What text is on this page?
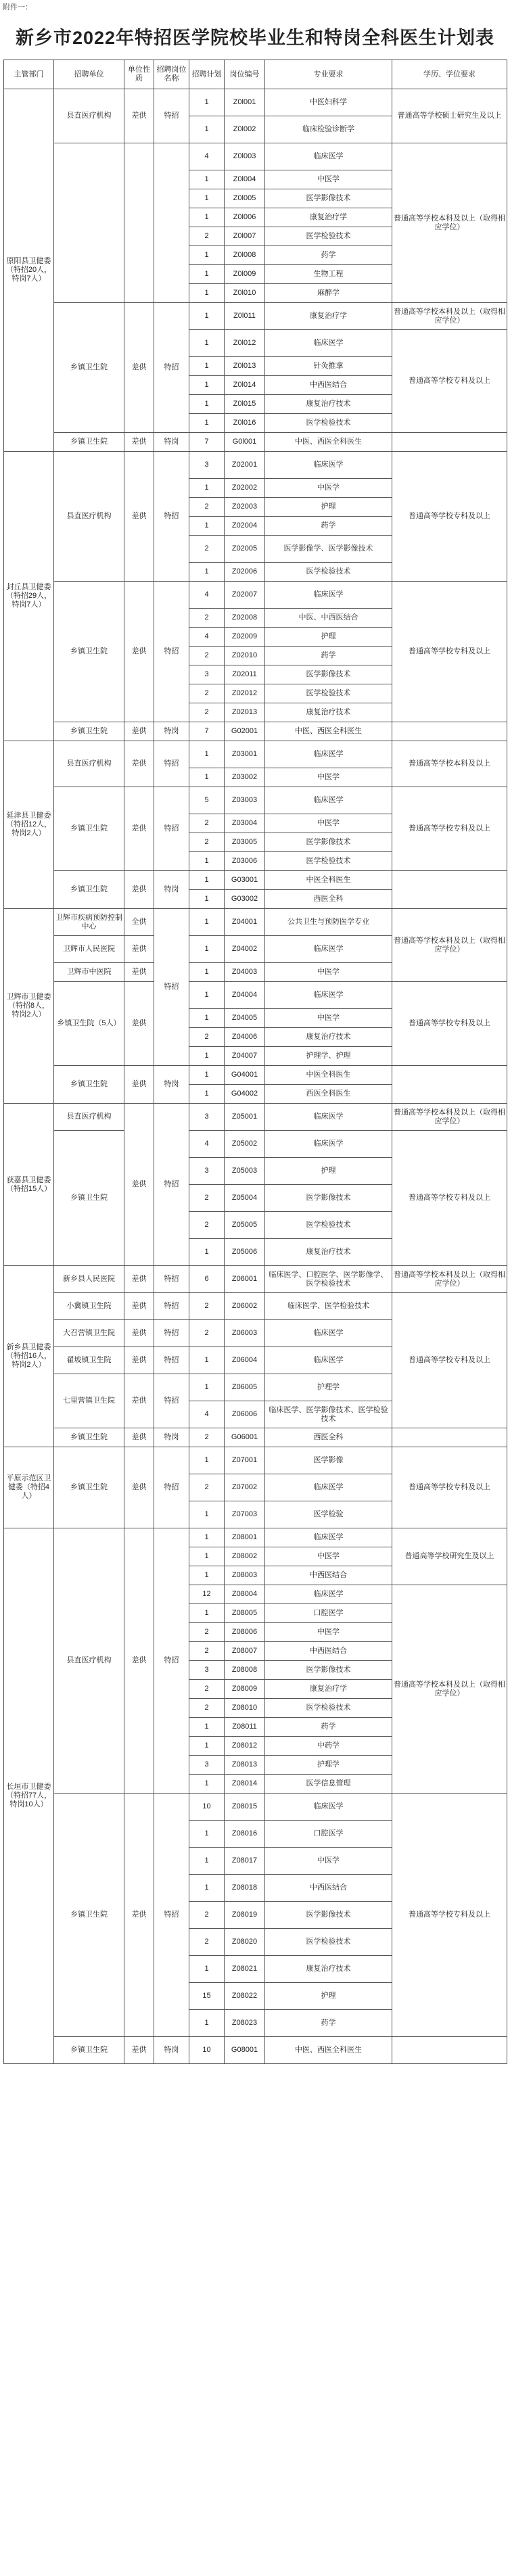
附件一：
新乡市2022年特招医学院校毕业生和特岗全科医生计划表
主管部门	招聘单位	单位性质	招聘岗位名称	招聘计划	岗位编号	专业要求	学历、学位要求
原阳县卫健委（特招20人，特岗7人）	县直医疗机构	差供	特招	1	Z0l001	中医妇科学	普通高等学校硕士研究生及以上
				1	Z0l002	临床检验诊断学	
				4	Z0l003	临床医学	普通高等学校本科及以上（取得相应学位）
				1	Z0l004	中医学	
				1	Z0l005	医学影像技术	
				1	Z0l006	康复治疗学	
				2	Z0l007	医学检验技术	
				1	Z0l008	药学	
				1	Z0l009	生物工程	
				1	Z0l010	麻醉学	
	乡镇卫生院	差供	特招	1	Z0l011	康复治疗学	普通高等学校本科及以上（取得相应学位）
				1	Z0l012	临床医学	普通高等学校专科及以上
				1	Z0l013	针灸推拿	
				1	Z0l014	中西医结合	
				1	Z0l015	康复治疗技术	
				1	Z0l016	医学检验技术	
	乡镇卫生院	差供	特岗	7	G0l001	中医、西医全科医生	
封丘县卫健委（特招29人，特岗7人）	县直医疗机构	差供	特招	3	Z02001	临床医学	普通高等学校专科及以上
				1	Z02002	中医学	
				2	Z02003	护理	
				1	Z02004	药学	
				2	Z02005	医学影像学、医学影像技术	
				1	Z02006	医学检验技术	
	乡镇卫生院	差供	特招	4	Z02007	临床医学	普通高等学校专科及以上
				2	Z02008	中医、中西医结合	
				4	Z02009	护理	
				2	Z02010	药学	
				3	Z02011	医学影像技术	
				2	Z02012	医学检验技术	
				2	Z02013	康复治疗技术	
	乡镇卫生院	差供	特岗	7	G02001	中医、西医全科医生	
延津县卫健委（特招12人，特岗2人）	县直医疗机构	差供	特招	1	Z03001	临床医学	普通高等学校本科及以上
				1	Z03002	中医学	
	乡镇卫生院	差供	特招	5	Z03003	临床医学	普通高等学校专科及以上
				2	Z03004	中医学	
				2	Z03005	医学影像技术	
				1	Z03006	医学检验技术	
	乡镇卫生院	差供	特岗	1	G03001	中医全科医生	
				1	G03002	西医全科	
卫辉市卫健委（特招8人，特岗2人）	卫辉市疾病预防控制中心	全供	特招	1	Z04001	公共卫生与预防医学专业	普通高等学校本科及以上（取得相应学位）
	卫辉市人民医院	差供		1	Z04002	临床医学	
	卫辉市中医院	差供		1	Z04003	中医学	
	乡镇卫生院（5人）	差供		1	Z04004	临床医学	普通高等学校专科及以上
				1	Z04005	中医学	
				2	Z04006	康复治疗技术	
				1	Z04007	护理学、护理	
	乡镇卫生院	差供	特岗	1	G04001	中医全科医生	
				1	G04002	西医全科医生	
获嘉县卫健委（特招15人）	县直医疗机构	差供	特招	3	Z05001	临床医学	普通高等学校本科及以上（取得相应学位）
	乡镇卫生院			4	Z05002	临床医学	普通高等学校专科及以上
				3	Z05003	护理	
				2	Z05004	医学影像技术	
				2	Z05005	医学检验技术	
				1	Z05006	康复治疗技术	
新乡县卫健委（特招16人，特岗2人）	新乡县人民医院	差供	特招	6	Z06001	临床医学、口腔医学、医学影像学、医学检验技术	普通高等学校本科及以上（取得相应学位）
	小冀镇卫生院	差供	特招	2	Z06002	临床医学、医学检验技术	普通高等学校专科及以上
	大召营镇卫生院	差供	特招	2	Z06003	临床医学	
	翟坡镇卫生院	差供	特招	1	Z06004	临床医学	
	七里营镇卫生院	差供	特招	1	Z06005	护理学	
				4	Z06006	临床医学、医学影像技术、医学检验技术	
	乡镇卫生院	差供	特岗	2	G06001	西医全科	
平原示范区卫健委（特招4人）	乡镇卫生院	差供	特招	1	Z07001	医学影像	普通高等学校专科及以上
				2	Z07002	临床医学	
				1	Z07003	医学检验	
长垣市卫健委（特招77人，特岗10人）	县直医疗机构	差供	特招	1	Z08001	临床医学	普通高等学校研究生及以上
				1	Z08002	中医学	
				1	Z08003	中西医结合	
				12	Z08004	临床医学	普通高等学校本科及以上（取得相应学位）
				1	Z08005	口腔医学	
				2	Z08006	中医学	
				2	Z08007	中西医结合	
				3	Z08008	医学影像技术	
				2	Z08009	康复治疗学	
				2	Z08010	医学检验技术	
				1	Z08011	药学	
				1	Z08012	中药学	
				3	Z08013	护理学	
				1	Z08014	医学信息管理	
	乡镇卫生院	差供	特招	10	Z08015	临床医学	普通高等学校专科及以上
				1	Z08016	口腔医学	
				1	Z08017	中医学	
				1	Z08018	中西医结合	
				2	Z08019	医学影像技术	
				2	Z08020	医学检验技术	
				1	Z08021	康复治疗技术	
				15	Z08022	护理	
				1	Z08023	药学	
	乡镇卫生院	差供	特岗	10	G08001	中医、西医全科医生	
